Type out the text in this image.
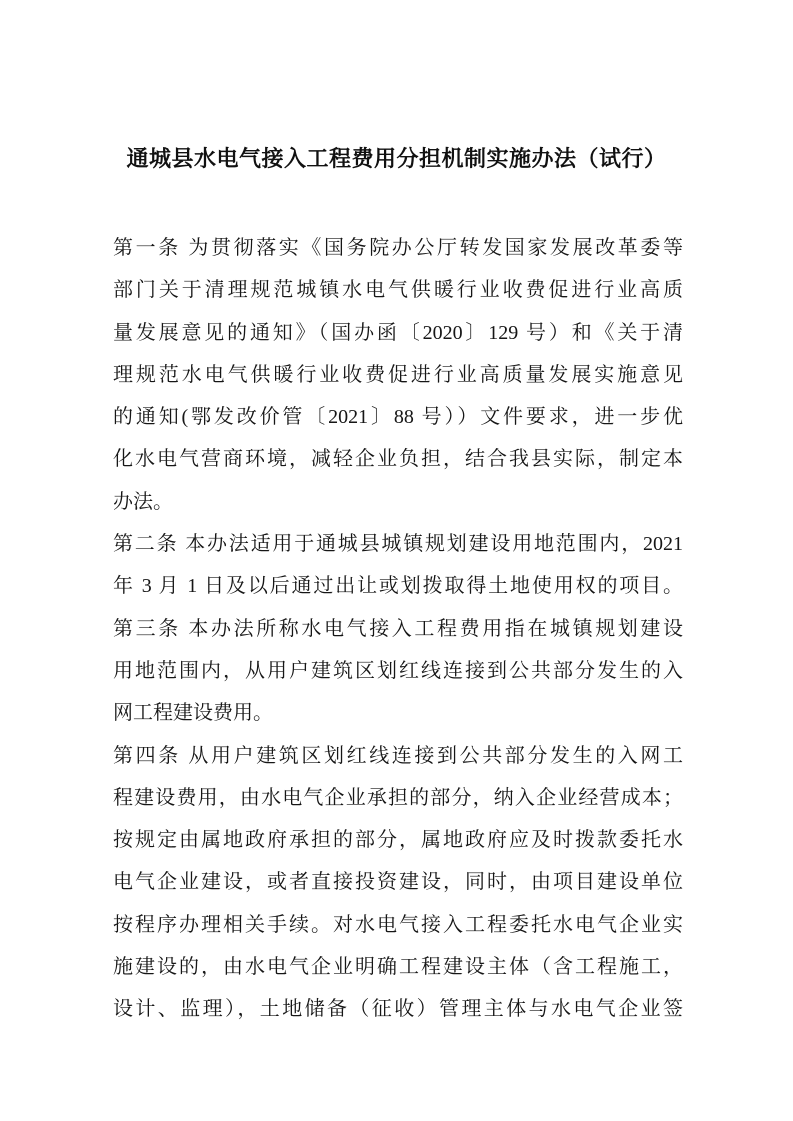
通城县水电气接入工程费用分担机制实施办法（试行）
第一条 为贯彻落实《国务院办公厅转发国家发展改革委等
部门关于清理规范城镇水电气供暖行业收费促进行业高质
量发展意见的通知》（国办函〔2020〕129 号）和《关于清
理规范水电气供暖行业收费促进行业高质量发展实施意见
的通知(鄂发改价管〔2021〕88 号））文件要求，进一步优
化水电气营商环境，减轻企业负担，结合我县实际，制定本
办法。
第二条 本办法适用于通城县城镇规划建设用地范围内，2021
年 3 月 1 日及以后通过出让或划拨取得土地使用权的项目。
第三条 本办法所称水电气接入工程费用指在城镇规划建设
用地范围内，从用户建筑区划红线连接到公共部分发生的入
网工程建设费用。
第四条 从用户建筑区划红线连接到公共部分发生的入网工
程建设费用，由水电气企业承担的部分，纳入企业经营成本；
按规定由属地政府承担的部分，属地政府应及时拨款委托水
电气企业建设，或者直接投资建设，同时，由项目建设单位
按程序办理相关手续。对水电气接入工程委托水电气企业实
施建设的，由水电气企业明确工程建设主体（含工程施工，
设计、监理），土地储备（征收）管理主体与水电气企业签
